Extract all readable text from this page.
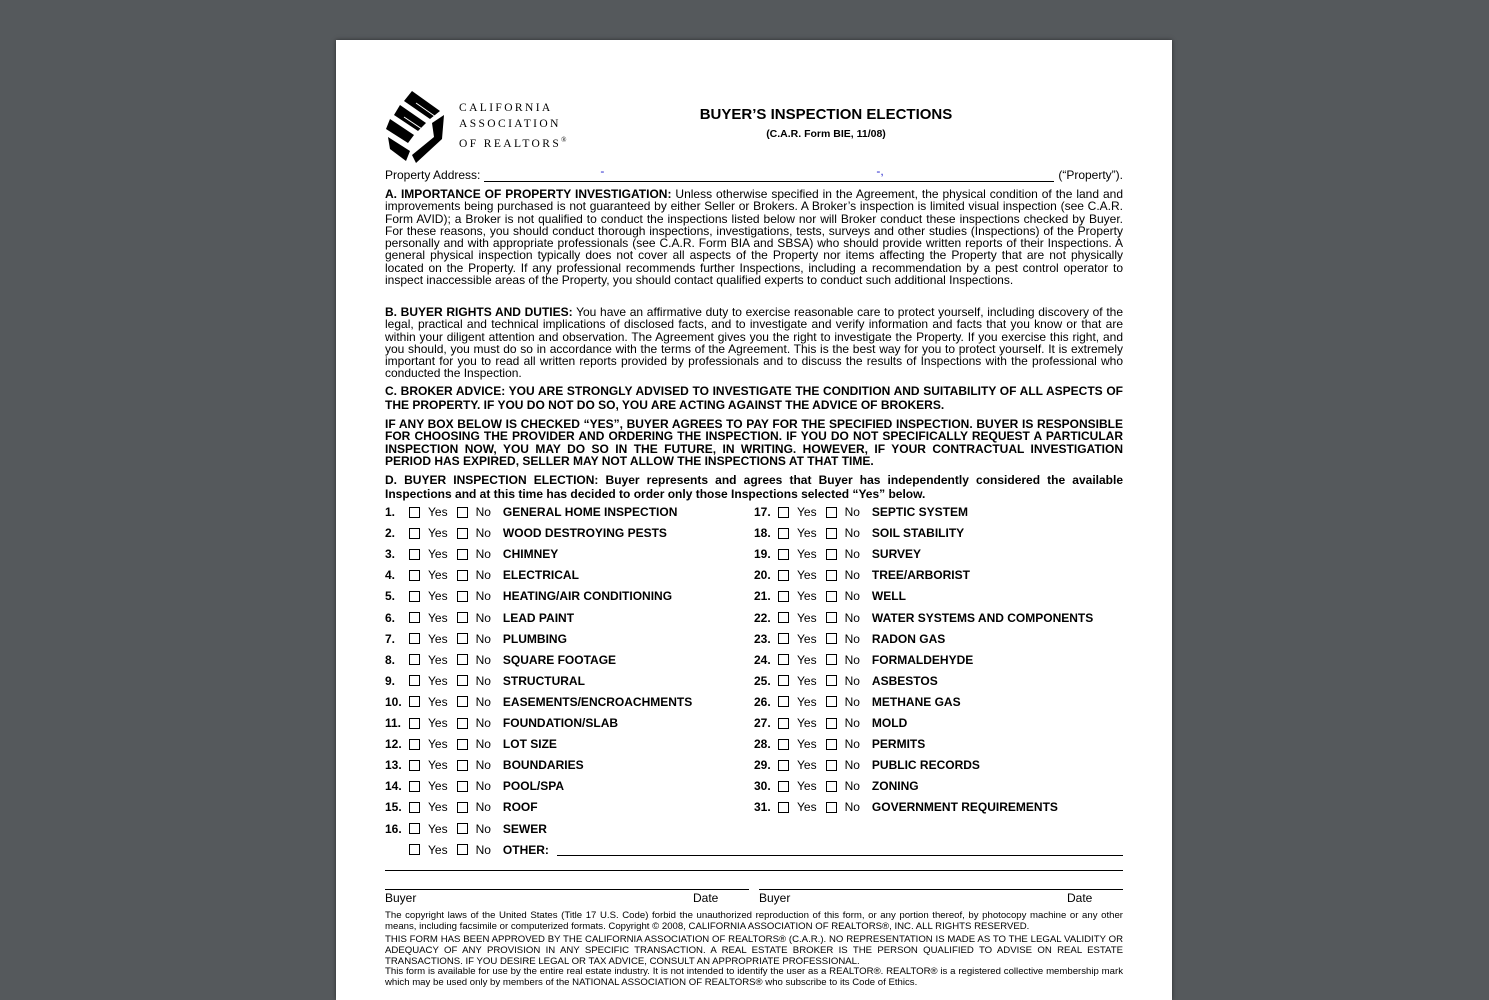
CALIFORNIA
ASSOCIATION
OF REALTORS®
BUYER’S INSPECTION ELECTIONS
(C.A.R. Form BIE, 11/08)
Property Address:	-	-,	(“Property”).
A. IMPORTANCE OF PROPERTY INVESTIGATION: Unless otherwise specified in the Agreement, the physical condition of the land and improvements being purchased is not guaranteed by either Seller or Brokers. A Broker’s inspection is limited visual inspection (see C.A.R. Form AVID); a Broker is not qualified to conduct the inspections listed below nor will Broker conduct these inspections checked by Buyer. For these reasons, you should conduct thorough inspections, investigations, tests, surveys and other studies (Inspections) of the Property personally and with appropriate professionals (see C.A.R. Form BIA and SBSA) who should provide written reports of their Inspections. A general physical inspection typically does not cover all aspects of the Property nor items affecting the Property that are not physically located on the Property. If any professional recommends further Inspections, including a recommendation by a pest control operator to inspect inaccessible areas of the Property, you should contact qualified experts to conduct such additional Inspections.
B. BUYER RIGHTS AND DUTIES: You have an affirmative duty to exercise reasonable care to protect yourself, including discovery of the legal, practical and technical implications of disclosed facts, and to investigate and verify information and facts that you know or that are within your diligent attention and observation. The Agreement gives you the right to investigate the Property. If you exercise this right, and you should, you must do so in accordance with the terms of the Agreement. This is the best way for you to protect yourself. It is extremely important for you to read all written reports provided by professionals and to discuss the results of Inspections with the professional who conducted the Inspection.
C. BROKER ADVICE: YOU ARE STRONGLY ADVISED TO INVESTIGATE THE CONDITION AND SUITABILITY OF ALL ASPECTS OF THE PROPERTY. IF YOU DO NOT DO SO, YOU ARE ACTING AGAINST THE ADVICE OF BROKERS.
IF ANY BOX BELOW IS CHECKED “YES”, BUYER AGREES TO PAY FOR THE SPECIFIED INSPECTION. BUYER IS RESPONSIBLE FOR CHOOSING THE PROVIDER AND ORDERING THE INSPECTION. IF YOU DO NOT SPECIFICALLY REQUEST A PARTICULAR INSPECTION NOW, YOU MAY DO SO IN THE FUTURE, IN WRITING. HOWEVER, IF YOUR CONTRACTUAL INVESTIGATION PERIOD HAS EXPIRED, SELLER MAY NOT ALLOW THE INSPECTIONS AT THAT TIME.
D. BUYER INSPECTION ELECTION: Buyer represents and agrees that Buyer has independently considered the available Inspections and at this time has decided to order only those Inspections selected “Yes” below.
1.	Yes No GENERAL HOME INSPECTION
2.	Yes No WOOD DESTROYING PESTS
3.	Yes No CHIMNEY
4.	Yes No ELECTRICAL
5.	Yes No HEATING/AIR CONDITIONING
6.	Yes No LEAD PAINT
7.	Yes No PLUMBING
8.	Yes No SQUARE FOOTAGE
9.	Yes No STRUCTURAL
10.	Yes No EASEMENTS/ENCROACHMENTS
11.	Yes No FOUNDATION/SLAB
12.	Yes No LOT SIZE
13.	Yes No BOUNDARIES
14.	Yes No POOL/SPA
15.	Yes No ROOF
16.	Yes No SEWER
Yes No OTHER:
17.	Yes No SEPTIC SYSTEM
18.	Yes No SOIL STABILITY
19.	Yes No SURVEY
20.	Yes No TREE/ARBORIST
21.	Yes No WELL
22.	Yes No WATER SYSTEMS AND COMPONENTS
23.	Yes No RADON GAS
24.	Yes No FORMALDEHYDE
25.	Yes No ASBESTOS
26.	Yes No METHANE GAS
27.	Yes No MOLD
28.	Yes No PERMITS
29.	Yes No PUBLIC RECORDS
30.	Yes No ZONING
31.	Yes No GOVERNMENT REQUIREMENTS
Buyer	Date	Buyer	Date
The copyright laws of the United States (Title 17 U.S. Code) forbid the unauthorized reproduction of this form, or any portion thereof, by photocopy machine or any other means, including facsimile or computerized formats. Copyright © 2008, CALIFORNIA ASSOCIATION OF REALTORS®, INC. ALL RIGHTS RESERVED.
THIS FORM HAS BEEN APPROVED BY THE CALIFORNIA ASSOCIATION OF REALTORS® (C.A.R.). NO REPRESENTATION IS MADE AS TO THE LEGAL VALIDITY OR ADEQUACY OF ANY PROVISION IN ANY SPECIFIC TRANSACTION. A REAL ESTATE BROKER IS THE PERSON QUALIFIED TO ADVISE ON REAL ESTATE TRANSACTIONS. IF YOU DESIRE LEGAL OR TAX ADVICE, CONSULT AN APPROPRIATE PROFESSIONAL.
This form is available for use by the entire real estate industry. It is not intended to identify the user as a REALTOR®. REALTOR® is a registered collective membership mark which may be used only by members of the NATIONAL ASSOCIATION OF REALTORS® who subscribe to its Code of Ethics.
